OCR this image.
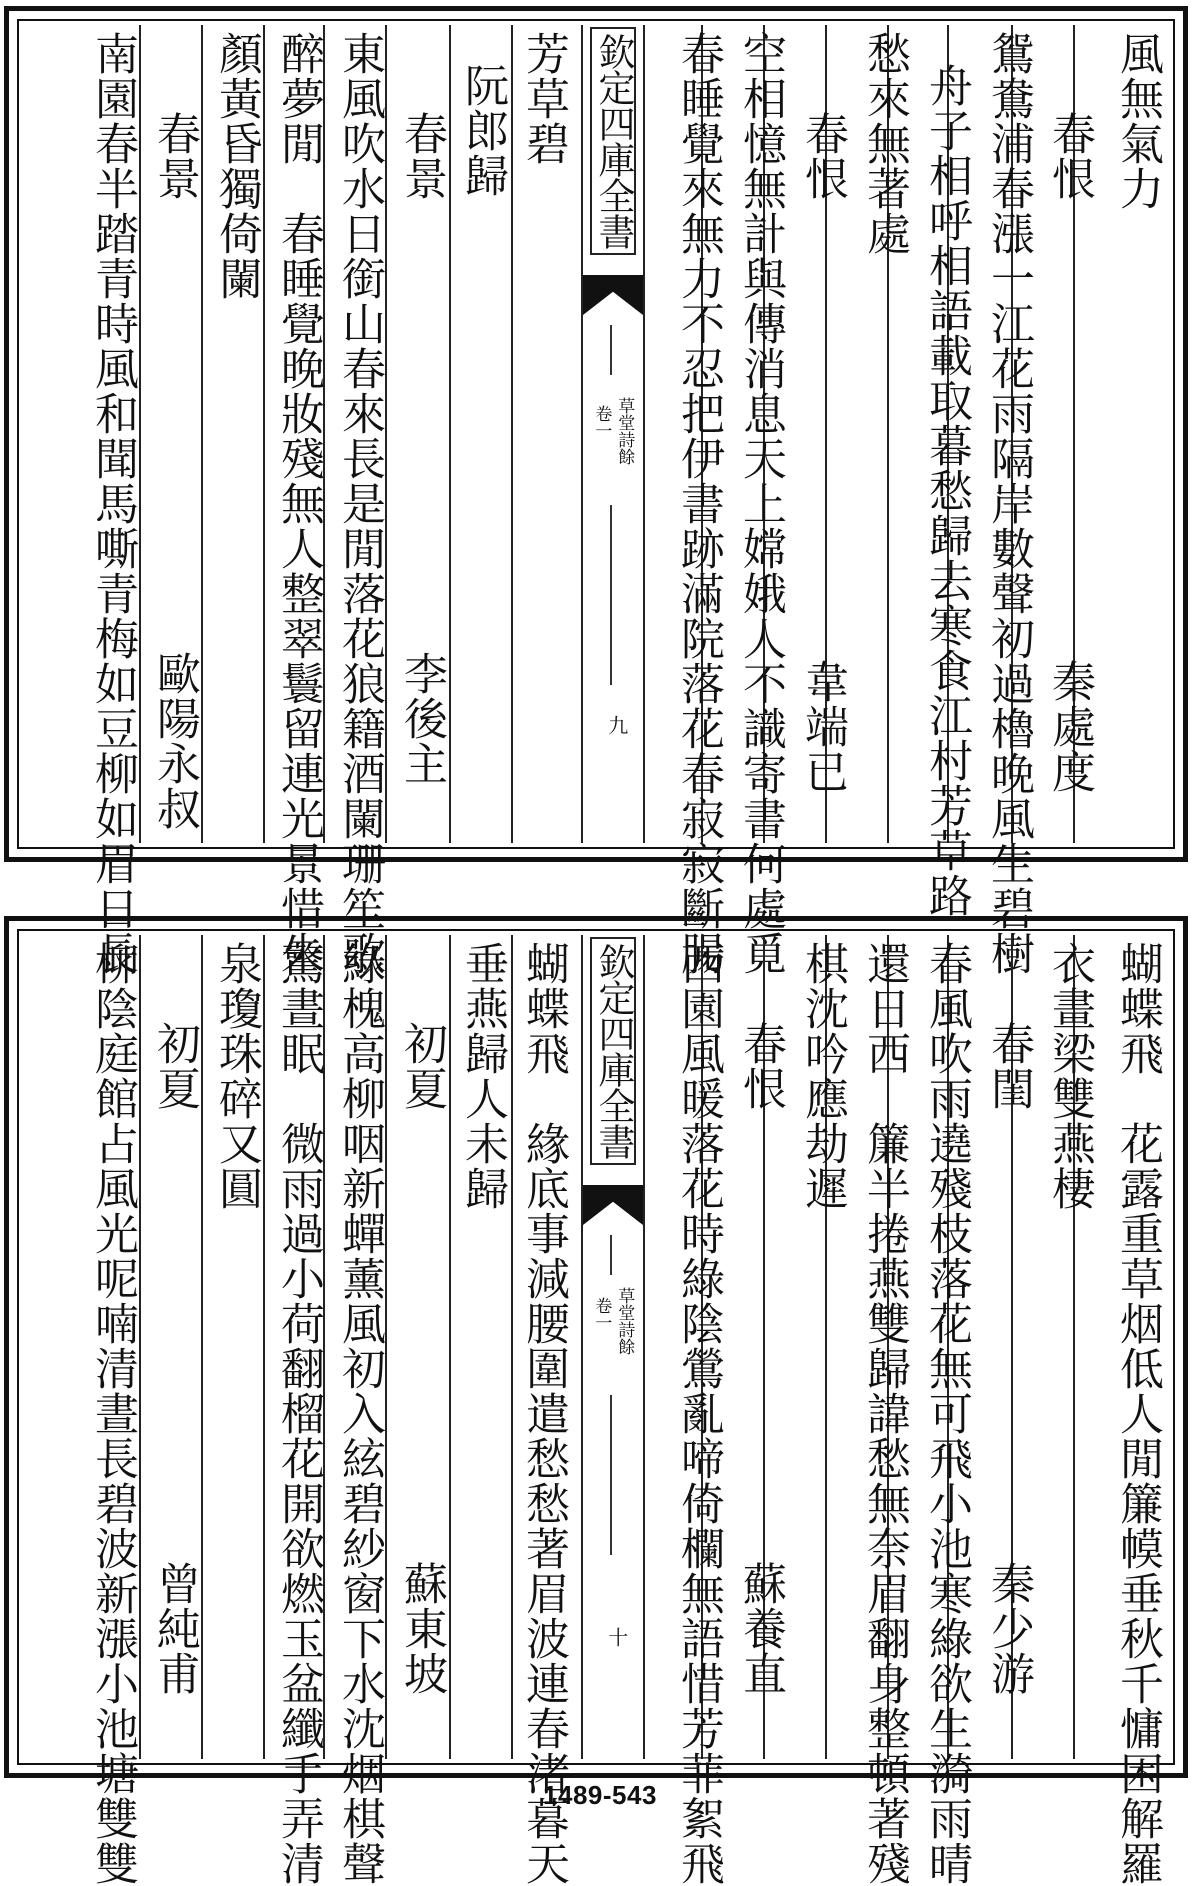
風無氣力
春恨
秦處度
鴛鴦浦春漲一江花雨隔岸數聲初過櫓晚風生碧樹
舟子相呼相語載取暮愁歸去寒食江村芳草路
愁來無著處
春恨
韋端已
空相憶無計與傳消息天上嫦娥人不識寄書何處覓
春睡覺來無力不忍把伊書跡滿院落花春寂寂斷腸
欽定四庫全書
草堂詩餘
卷一
九
芳草碧
阮郎歸
春景
李後主
東風吹水日銜山春來長是閒落花狼籍酒闌珊笙歌
醉夢閒　春睡覺晚妝殘無人整翠鬟留連光景惜朱
顏黃昏獨倚闌
春景
歐陽永叔
南園春半踏青時風和聞馬嘶青梅如豆柳如眉日長
蝴蝶飛　花露重草烟低人閒簾幙垂秋千慵困解羅
衣畫梁雙燕棲
春閨
秦少游
春風吹雨遶殘枝落花無可飛小池寒綠欲生漪雨晴
還日西　簾半捲燕雙歸諱愁無奈眉翻身整頓著殘
棋沈吟應劫遲
春恨
蘇養直
西園風暖落花時綠陰鶯亂啼倚欄無語惜芳菲絮飛
欽定四庫全書
草堂詩餘
卷一
十
蝴蝶飛　緣底事減腰圍遣愁愁著眉波連春渚暮天
垂燕歸人未歸
初夏
蘇東坡
綠槐高柳咽新蟬薰風初入絃碧紗窗下水沈烟棋聲
驚晝眠　微雨過小荷翻榴花開欲燃玉盆纖手弄清
泉瓊珠碎又圓
初夏
曾純甫
柳陰庭館占風光呢喃清晝長碧波新漲小池塘雙雙	1489-543
